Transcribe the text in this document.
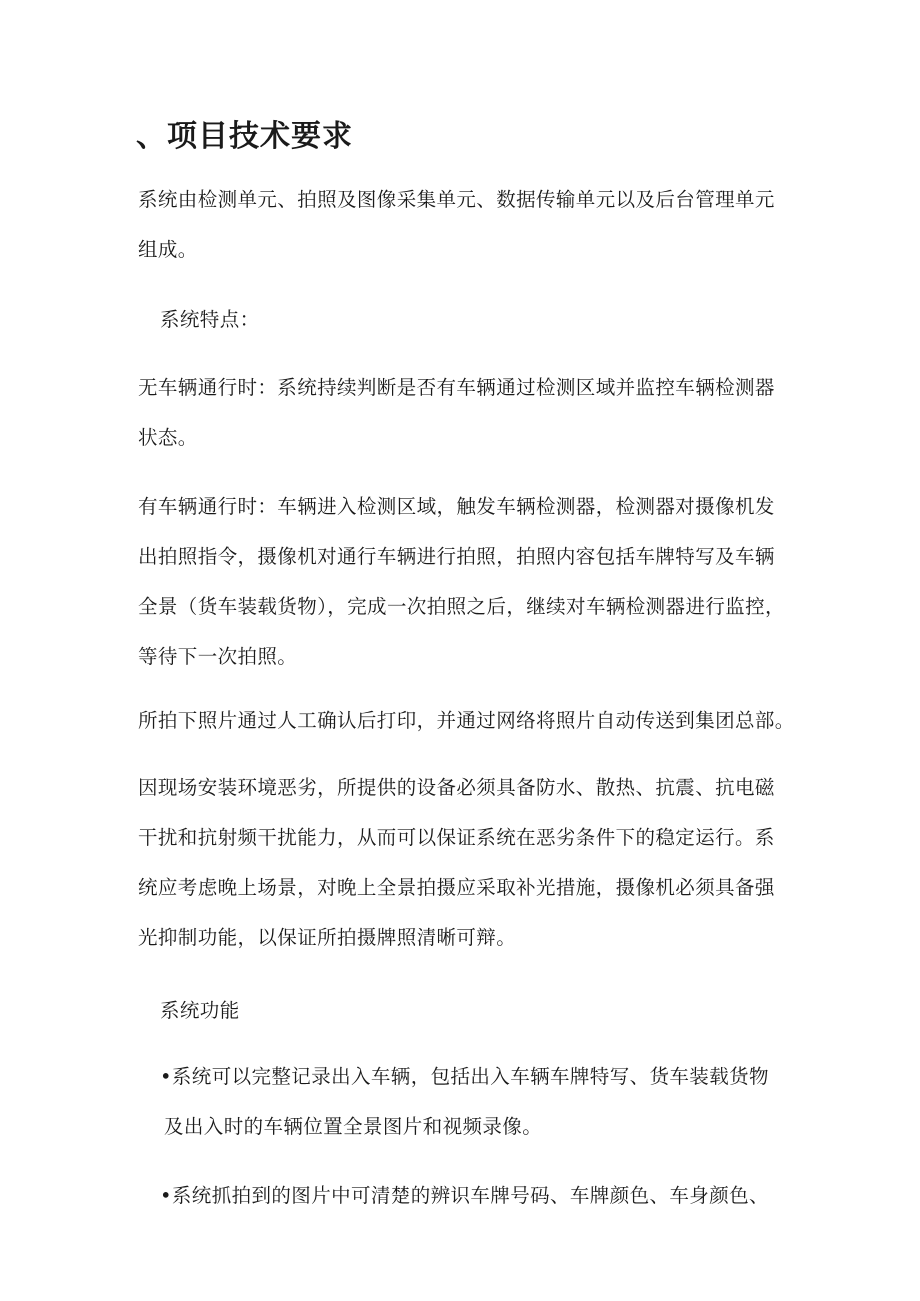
、项目技术要求
系统由检测单元、拍照及图像采集单元、数据传输单元以及后台管理单元
组成。
系统特点：
无车辆通行时：系统持续判断是否有车辆通过检测区域并监控车辆检测器
状态。
有车辆通行时：车辆进入检测区域，触发车辆检测器，检测器对摄像机发
出拍照指令，摄像机对通行车辆进行拍照，拍照内容包括车牌特写及车辆
全景（货车装载货物），完成一次拍照之后，继续对车辆检测器进行监控，
等待下一次拍照。
所拍下照片通过人工确认后打印，并通过网络将照片自动传送到集团总部。
因现场安装环境恶劣，所提供的设备必须具备防水、散热、抗震、抗电磁
干扰和抗射频干扰能力，从而可以保证系统在恶劣条件下的稳定运行。系
统应考虑晚上场景，对晚上全景拍摄应采取补光措施，摄像机必须具备强
光抑制功能，以保证所拍摄牌照清晰可辩。
系统功能
•系统可以完整记录出入车辆，包括出入车辆车牌特写、货车装载货物
及出入时的车辆位置全景图片和视频录像。
•系统抓拍到的图片中可清楚的辨识车牌号码、车牌颜色、车身颜色、
